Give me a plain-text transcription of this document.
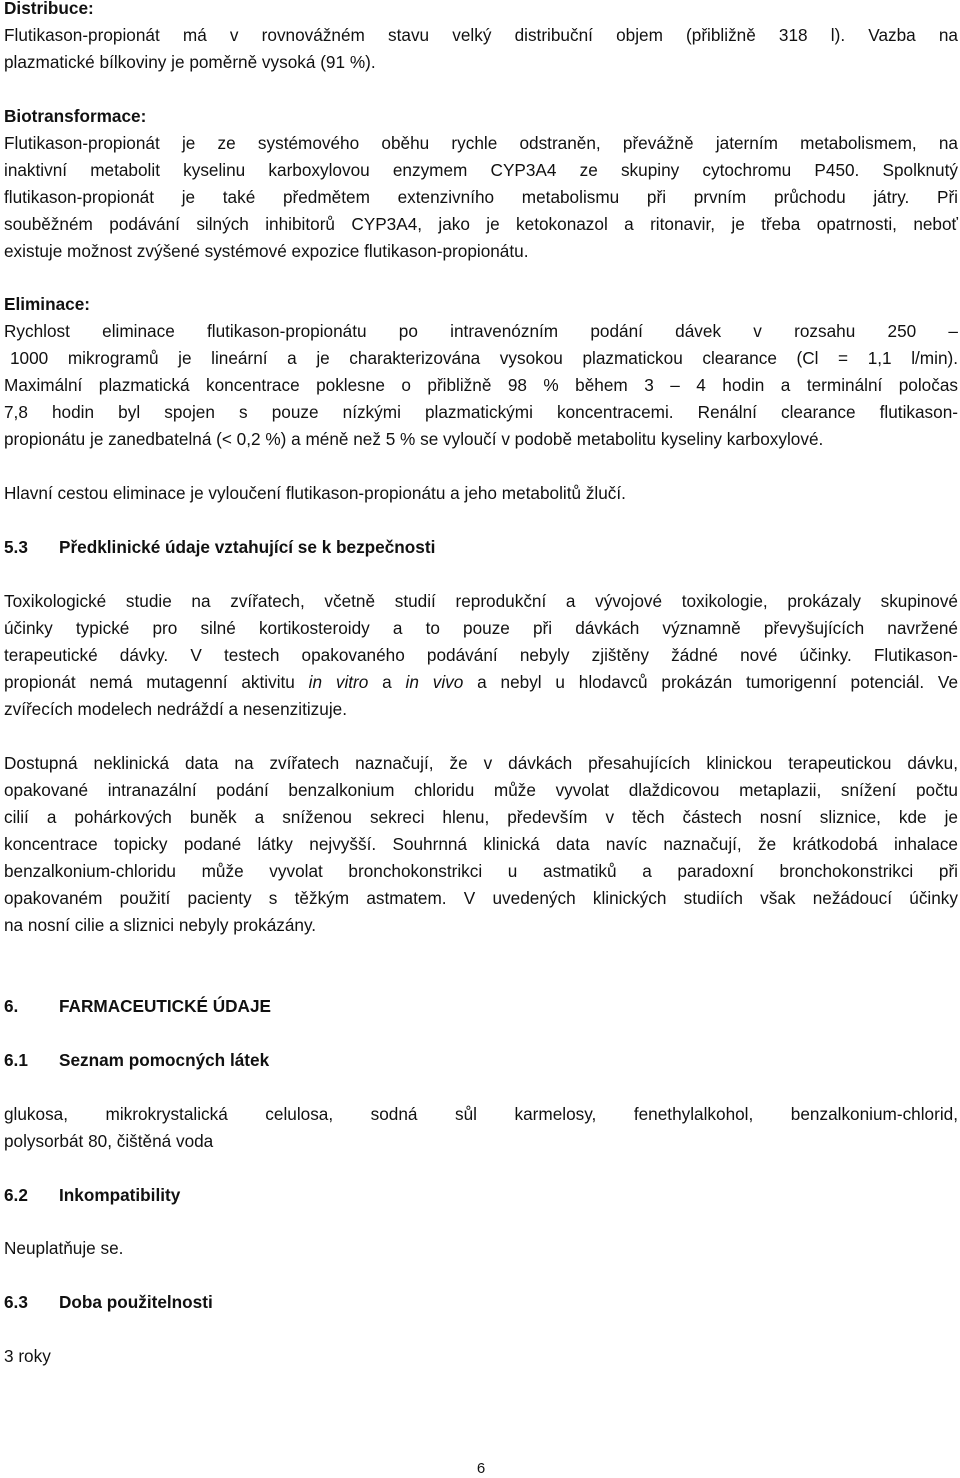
Distribuce:
Flutikason-propionát má v rovnovážném stavu velký distribuční objem (přibližně 318 l). Vazba na
plazmatické bílkoviny je poměrně vysoká (91 %).
Biotransformace:
Flutikason-propionát je ze systémového oběhu rychle odstraněn, převážně jaterním metabolismem, na
inaktivní metabolit kyselinu karboxylovou enzymem CYP3A4 ze skupiny cytochromu P450. Spolknutý
flutikason-propionát je také předmětem extenzivního metabolismu při prvním průchodu játry. Při
souběžném podávání silných inhibitorů CYP3A4, jako je ketokonazol a ritonavir, je třeba opatrnosti, neboť
existuje možnost zvýšené systémové expozice flutikason-propionátu.
Eliminace:
Rychlost eliminace flutikason-propionátu po intravenózním podání dávek v rozsahu 250 –
1000 mikrogramů je lineární a je charakterizována vysokou plazmatickou clearance (Cl = 1,1 l/min).
Maximální plazmatická koncentrace poklesne o přibližně 98 % během 3 – 4 hodin a terminální poločas
7,8 hodin byl spojen s pouze nízkými plazmatickými koncentracemi. Renální clearance flutikason-
propionátu je zanedbatelná (< 0,2 %) a méně než 5 % se vyloučí v podobě metabolitu kyseliny karboxylové.
Hlavní cestou eliminace je vyloučení flutikason-propionátu a jeho metabolitů žlučí.
5.3 Předklinické údaje vztahující se k bezpečnosti
Toxikologické studie na zvířatech, včetně studií reprodukční a vývojové toxikologie, prokázaly skupinové
účinky typické pro silné kortikosteroidy a to pouze při dávkách významně převyšujících navržené
terapeutické dávky. V testech opakovaného podávání nebyly zjištěny žádné nové účinky. Flutikason-
propionát nemá mutagenní aktivitu in vitro a in vivo a nebyl u hlodavců prokázán tumorigenní potenciál. Ve
zvířecích modelech nedráždí a nesenzitizuje.
Dostupná neklinická data na zvířatech naznačují, že v dávkách přesahujících klinickou terapeutickou dávku,
opakované intranazální podání benzalkonium chloridu může vyvolat dlaždicovou metaplazii, snížení počtu
cilií a pohárkových buněk a sníženou sekreci hlenu, především v těch částech nosní sliznice, kde je
koncentrace topicky podané látky nejvyšší. Souhrnná klinická data navíc naznačují, že krátkodobá inhalace
benzalkonium-chloridu může vyvolat bronchokonstrikci u astmatiků a paradoxní bronchokonstrikci při
opakovaném použití pacienty s těžkým astmatem. V uvedených klinických studiích však nežádoucí účinky
na nosní cilie a sliznici nebyly prokázány.
6. FARMACEUTICKÉ ÚDAJE
6.1 Seznam pomocných látek
glukosa, mikrokrystalická celulosa, sodná sůl karmelosy, fenethylalkohol, benzalkonium-chlorid,
polysorbát 80, čištěná voda
6.2 Inkompatibility
Neuplatňuje se.
6.3 Doba použitelnosti
3 roky
6
